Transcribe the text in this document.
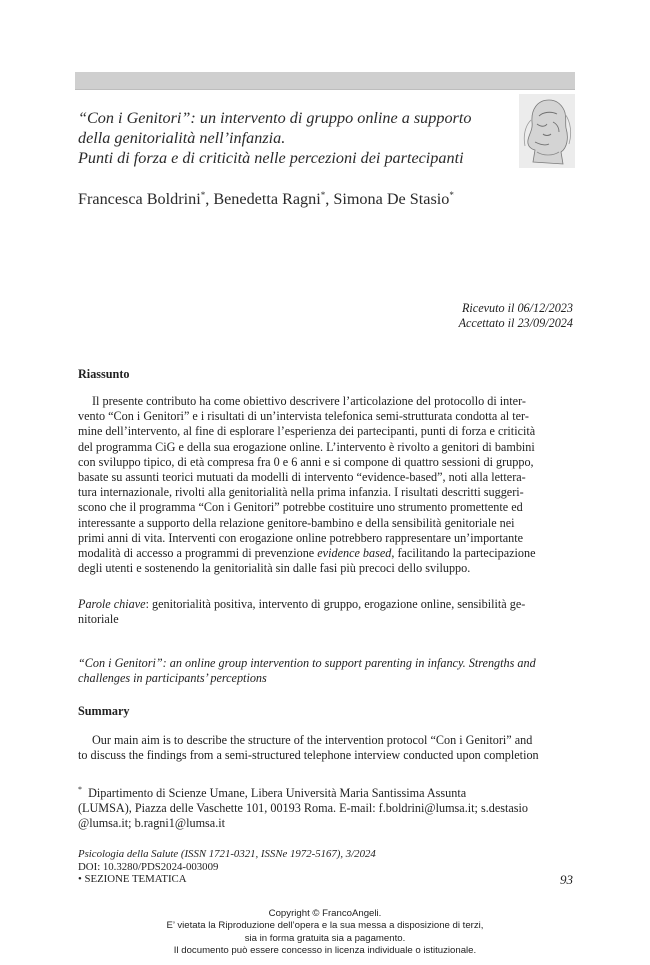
“Con i Genitori”: un intervento di gruppo online a supporto
della genitorialità nell’infanzia.
Punti di forza e di criticità nelle percezioni dei partecipanti
Francesca Boldrini*, Benedetta Ragni*, Simona De Stasio*
Ricevuto il 06/12/2023
Accettato il 23/09/2024
Riassunto
Il presente contributo ha come obiettivo descrivere l’articolazione del protocollo di inter-
vento “Con i Genitori” e i risultati di un’intervista telefonica semi-strutturata condotta al ter-
mine dell’intervento, al fine di esplorare l’esperienza dei partecipanti, punti di forza e criticità
del programma CiG e della sua erogazione online. L’intervento è rivolto a genitori di bambini
con sviluppo tipico, di età compresa fra 0 e 6 anni e si compone di quattro sessioni di gruppo,
basate su assunti teorici mutuati da modelli di intervento “evidence-based”, noti alla lettera-
tura internazionale, rivolti alla genitorialità nella prima infanzia. I risultati descritti suggeri-
scono che il programma “Con i Genitori” potrebbe costituire uno strumento promettente ed
interessante a supporto della relazione genitore-bambino e della sensibilità genitoriale nei
primi anni di vita. Interventi con erogazione online potrebbero rappresentare un’importante
modalità di accesso a programmi di prevenzione evidence based, facilitando la partecipazione
degli utenti e sostenendo la genitorialità sin dalle fasi più precoci dello sviluppo.
Parole chiave: genitorialità positiva, intervento di gruppo, erogazione online, sensibilità ge-
nitoriale
“Con i Genitori”: an online group intervention to support parenting in infancy. Strengths and
challenges in participants’ perceptions
Summary
Our main aim is to describe the structure of the intervention protocol “Con i Genitori” and
to discuss the findings from a semi-structured telephone interview conducted upon completion
* Dipartimento di Scienze Umane, Libera Università Maria Santissima Assunta
(LUMSA), Piazza delle Vaschette 101, 00193 Roma. E-mail: f.boldrini@lumsa.it; s.destasio
@lumsa.it; b.ragni1@lumsa.it
Psicologia della Salute (ISSN 1721-0321, ISSNe 1972-5167), 3/2024
DOI: 10.3280/PDS2024-003009
• SEZIONE TEMATICA	93
Copyright © FrancoAngeli.
E’ vietata la Riproduzione dell’opera e la sua messa a disposizione di terzi,
sia in forma gratuita sia a pagamento.
Il documento può essere concesso in licenza individuale o istituzionale.
